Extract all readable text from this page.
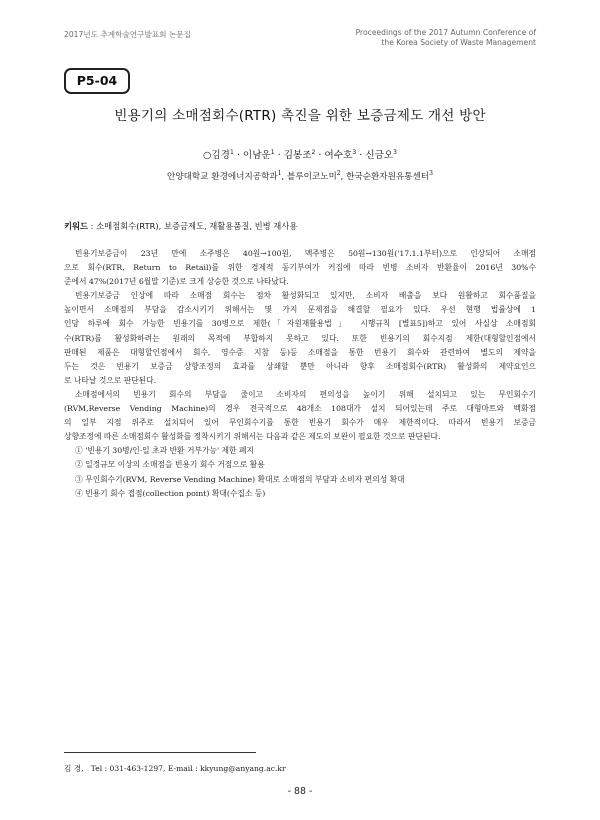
2017년도 추계학술연구발표회 논문집	Proceedings of the 2017 Autumn Conference of
the Korea Society of Waste Management
P5-04
빈용기의 소매점회수(RTR) 촉진을 위한 보증금제도 개선 방안
○김경$^1$ · 이남운$^1$ · 김봉조$^2$ · 여수호$^3$ · 신금오$^3$
안양대학교 환경에너지공학과$^1$, 블루이코노미$^2$, 한국순환자원유통센터$^3$
키워드 : 소매점회수(RTR), 보증금제도, 재활용품질, 빈병 재사용
빈용기보증금이 23년 만에 소주병은 40원→100원, 맥주병은 50원→130원('17.1.1부터)으로 인상되어 소매점
으로 회수(RTR, Return to Retail)를 위한 경제적 동기부여가 커짐에 따라 빈병 소비자 반환율이 2016년 30%수
준에서 47%(2017년 6월말 기준)로 크게 상승한 것으로 나타났다.
빈용기보증금 인상에 따라 소매점 회수는 점차 활성화되고 있지만, 소비자 배출을 보다 원활하고 회수품질을
높이면서 소매점의 부담을 감소시키기 위해서는 몇 가지 문제점을 해결할 필요가 있다. 우선 현행 법률상에 1
인당 하루에 회수 가능한 빈용기를 30병으로 제한(「자원재활용법」 시행규칙 [별표5])하고 있어 사실상 소매점회
수(RTR)를 활성화하려는 원래의 목적에 부합하지 못하고 있다. 또한 빈용기의 회수지점 제한(대형할인점에서
판매된 제품은 대형할인점에서 회수, 영수증 지참 등)등 소매점을 통한 빈용기 회수와 관련하여 별도의 제약을
두는 것은 빈용기 보증금 상향조정의 효과를 상쇄할 뿐만 아니라 향후 소매점회수(RTR) 활성화의 제약요인으
로 나타날 것으로 판단된다.
소매점에서의 빈용기 회수의 부담을 줄이고 소비자의 편의성을 높이기 위해 설치되고 있는 무인회수기
(RVM,Reverse Vending Machine)의 경우 전국적으로 48개소 108대가 설치 되어있는데 주로 대형마트와 백화점
의 일부 지점 위주로 설치되어 있어 무인회수기를 통한 빈용기 회수가 매우 제한적이다. 따라서 빈용기 보증금
상향조정에 따른 소매점회수 활성화를 정착시키기 위해서는 다음과 같은 제도의 보완이 필요한 것으로 판단된다.
① '빈용기 30병/인·일 초과 반환 거부가능' 제한 폐지
② 일정규모 이상의 소매점을 빈용기 회수 거점으로 활용
③ 무인회수기(RVM, Reverse Vending Machine) 확대로 소매점의 부담과 소비자 편의성 확대
④ 빈용기 회수 접점(collection point) 확대(수집소 등)
김 경,   Tel : 031-463-1297, E-mail : kkyung@anyang.ac.kr
- 88 -
